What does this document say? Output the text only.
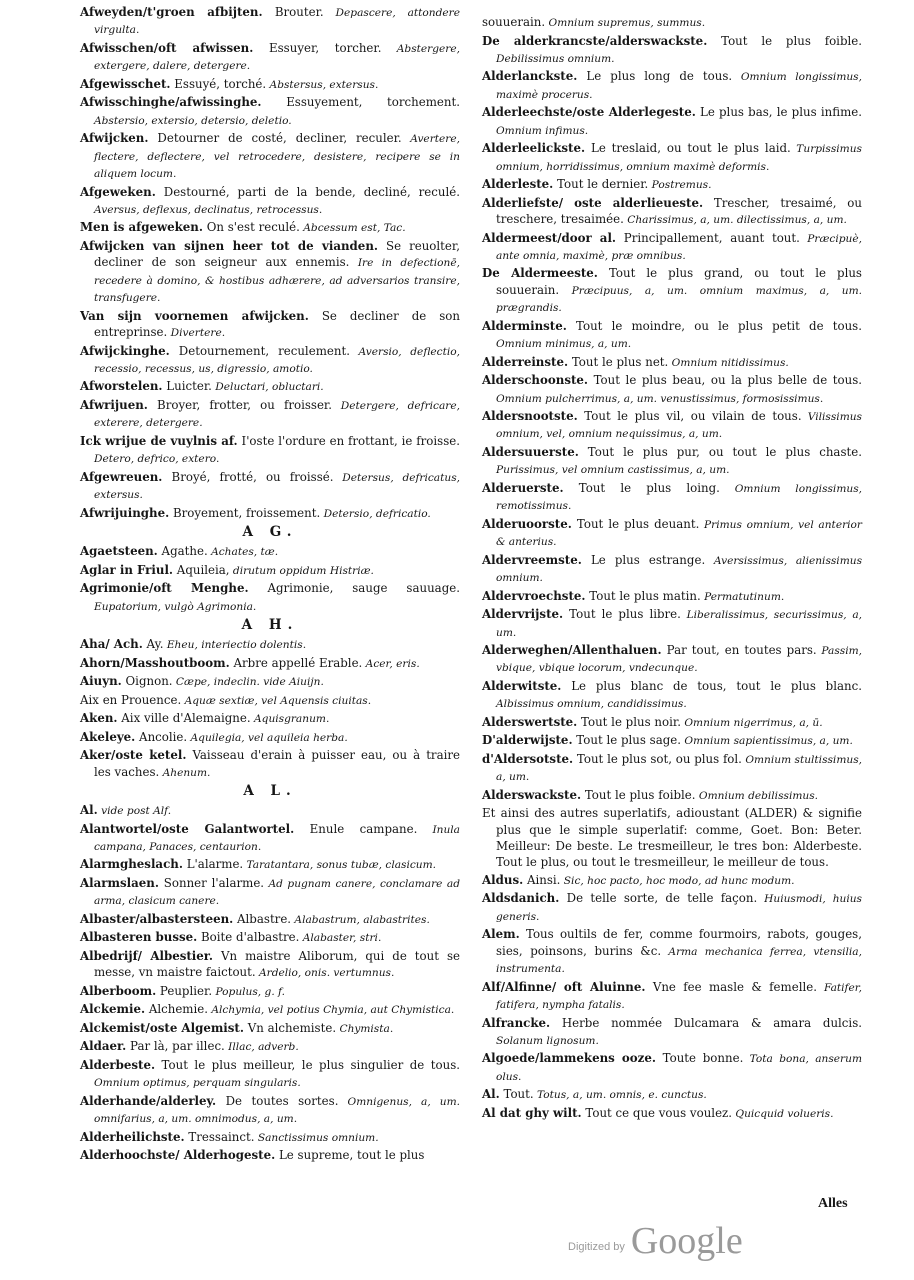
Afweyden/t'groen afbijten. Brouter. Depascere, attondere virgulta.
Afwisschen/oft afwissen. Essuyer, torcher. Abstergere, extergere, dalere, detergere.
Afgewisschet. Essuyé, torché. Abstersus, extersus.
Afwisschinghe/afwissinghe. Essuyement, torchement. Abstersio, extersio, detersio, deletio.
Afwijcken. Detourner de costé, decliner, reculer. Avertere, flectere, deflectere, vel retrocedere, desistere, recipere se in aliquem locum.
Afgeweken. Destourné, parti de la bende, decliné, reculé. Aversus, deflexus, declinatus, retrocessus.
Men is afgeweken. On s'est reculé. Abcessum est, Tac.
Afwijcken van sijnen heer tot de vianden. Se reuolter, decliner de son seigneur aux ennemis. Ire in defectionē, recedere à domino, & hostibus adhærere, ad adversarios transire, transfugere.
Van sijn voornemen afwijcken. Se decliner de son entreprinse. Divertere.
Afwijckinghe. Detournement, reculement. Aversio, deflectio, recessio, recessus, us, digressio, amotio.
Afworstelen. Luicter. Deluctari, obluctari.
Afwrijuen. Broyer, frotter, ou froisser. Detergere, defricare, exterere, detergere.
Ick wrijue de vuylnis af. I'oste l'ordure en frottant, ie froisse. Detero, defrico, extero.
Afgewreuen. Broyé, frotté, ou froissé. Detersus, defricatus, extersus.
Afwrijuinghe. Broyement, froissement. Detersio, defricatio.
A G.
Agaetsteen. Agathe. Achates, tæ.
Aglar in Friul. Aquileia, dirutum oppidum Histriæ.
Agrimonie/oft Menghe. Agrimonie, sauge sauuage. Eupatorium, vulgò Agrimonia.
A H.
Aha/ Ach. Ay. Eheu, interiectio dolentis.
Ahorn/Masshoutboom. Arbre appellé Erable. Acer, eris.
Aiuyn. Oignon. Cæpe, indeclin. vide Aiuijn.
Aix en Prouence. Aquæ sextiæ, vel Aquensis ciuitas.
Aken. Aix ville d'Alemaigne. Aquisgranum.
Akeleye. Ancolie. Aquilegia, vel aquileia herba.
Aker/oste ketel. Vaisseau d'erain à puisser eau, ou à traire les vaches. Ahenum.
A L.
Al. vide post Alf.
Alantwortel/oste Galantwortel. Enule campane. Inula campana, Panaces, centaurion.
Alarmgheslach. L'alarme. Taratantara, sonus tubæ, clasicum.
Alarmslaen. Sonner l'alarme. Ad pugnam canere, conclamare ad arma, clasicum canere.
Albaster/albastersteen. Albastre. Alabastrum, alabastrites.
Albasteren busse. Boite d'albastre. Alabaster, stri.
Albedrijf/ Albestier. Vn maistre Aliborum, qui de tout se messe, vn maistre faictout. Ardelio, onis. vertumnus.
Alberboom. Peuplier. Populus, g. f.
Alckemie. Alchemie. Alchymia, vel potius Chymia, aut Chymistica.
Alckemist/oste Algemist. Vn alchemiste. Chymista.
Aldaer. Par là, par illec. Illac, adverb.
Alderbeste. Tout le plus meilleur, le plus singulier de tous. Omnium optimus, perquam singularis.
Alderhande/alderley. De toutes sortes. Omnigenus, a, um. omnifarius, a, um. omnimodus, a, um.
Alderheilichste. Tressainct. Sanctissimus omnium.
Alderhoochste/ Alderhogeste. Le supreme, tout le plus
souuerain. Omnium supremus, summus.
De alderkrancste/alderswackste. Tout le plus foible. Debilissimus omnium.
Alderlanckste. Le plus long de tous. Omnium longissimus, maximè procerus.
Alderleechste/oste Alderlegeste. Le plus bas, le plus infime. Omnium infimus.
Alderleelickste. Le treslaid, ou tout le plus laid. Turpissimus omnium, horridissimus, omnium maximè deformis.
Alderleste. Tout le dernier. Postremus.
Alderliefste/ oste alderlieueste. Trescher, tresaimé, ou treschere, tresaimée. Charissimus, a, um. dilectissimus, a, um.
Aldermeest/door al. Principallement, auant tout. Præcipuè, ante omnia, maximè, præ omnibus.
De Aldermeeste. Tout le plus grand, ou tout le plus souuerain. Præcipuus, a, um. omnium maximus, a, um. prægrandis.
Alderminste. Tout le moindre, ou le plus petit de tous. Omnium minimus, a, um.
Alderreinste. Tout le plus net. Omnium nitidissimus.
Alderschoonste. Tout le plus beau, ou la plus belle de tous. Omnium pulcherrimus, a, um. venustissimus, formosissimus.
Aldersnootste. Tout le plus vil, ou vilain de tous. Vilissimus omnium, vel, omnium nequissimus, a, um.
Aldersuuerste. Tout le plus pur, ou tout le plus chaste. Purissimus, vel omnium castissimus, a, um.
Alderuerste. Tout le plus loing. Omnium longissimus, remotissimus.
Alderuoorste. Tout le plus deuant. Primus omnium, vel anterior & anterius.
Aldervreemste. Le plus estrange. Aversissimus, alienissimus omnium.
Aldervroechste. Tout le plus matin. Permatutinum.
Aldervrijste. Tout le plus libre. Liberalissimus, securissimus, a, um.
Alderweghen/Allenthaluen. Par tout, en toutes pars. Passim, vbique, vbique locorum, vndecunque.
Alderwitste. Le plus blanc de tous, tout le plus blanc. Albissimus omnium, candidissimus.
Alderswertste. Tout le plus noir. Omnium nigerrimus, a, ū.
D'alderwijste. Tout le plus sage. Omnium sapientissimus, a, um.
d'Aldersotste. Tout le plus sot, ou plus fol. Omnium stultissimus, a, um.
Alderswackste. Tout le plus foible. Omnium debilissimus.
Et ainsi des autres superlatifs, adioustant (ALDER) & signifie plus que le simple superlatif: comme, Goet. Bon: Beter. Meilleur: De beste. Le tresmeilleur, le tres bon: Alderbeste. Tout le plus, ou tout le tresmeilleur, le meilleur de tous.
Aldus. Ainsi. Sic, hoc pacto, hoc modo, ad hunc modum.
Aldsdanich. De telle sorte, de telle façon. Huiusmodi, huius generis.
Alem. Tous oultils de fer, comme fourmoirs, rabots, gouges, sies, poinsons, burins &c. Arma mechanica ferrea, vtensilia, instrumenta.
Alf/Alfinne/ oft Aluinne. Vne fee masle & femelle. Fatifer, fatifera, nympha fatalis.
Alfrancke. Herbe nommée Dulcamara & amara dulcis. Solanum lignosum.
Algoede/lammekens ooze. Toute bonne. Tota bona, anserum olus.
Al. Tout. Totus, a, um. omnis, e. cunctus.
Al dat ghy wilt. Tout ce que vous voulez. Quicquid volueris.
Alles
Digitized by Google
